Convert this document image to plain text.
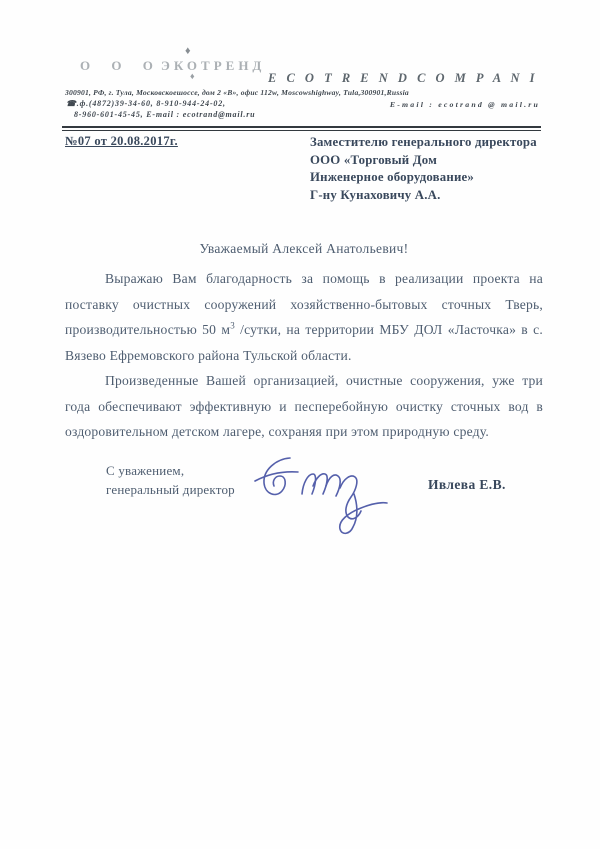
О О О
♦
ЭКОТРЕНД
♦	E C O T R E N D C O M P A N I
300901, РФ, г. Тула, Московскоешоссе, дом 2 «В», офис 112w, Moscowshighway, Tula,300901,Russia
☎.ф.(4872)39-34-60, 8-910-944-24-02,	E-mail : ecotrand @ mail.ru
8-960-601-45-45, E-mail : ecotrand@mail.ru
№07 от 20.08.2017г.	Заместителю генерального директора
ООО «Торговый Дом
Инженерное оборудование»
Г-ну Кунаховичу А.А.
Уважаемый Алексей Анатольевич!

Выражаю Вам благодарность за помощь в реализации проекта на поставку очистных сооружений хозяйственно-бытовых сточных Тверь, производительностью 50 $м^3$ /сутки, на территории МБУ ДОЛ «Ласточка» в с. Вязево Ефремовского района Тульской области.

Произведенные Вашей организацией, очистные сооружения, уже три года обеспечивают эффективную и песперебойную очистку сточных вод в оздоровительном детском лагере, сохраняя при этом природную среду.

С уважением,
генеральный директор	Ивлева Е.В.
